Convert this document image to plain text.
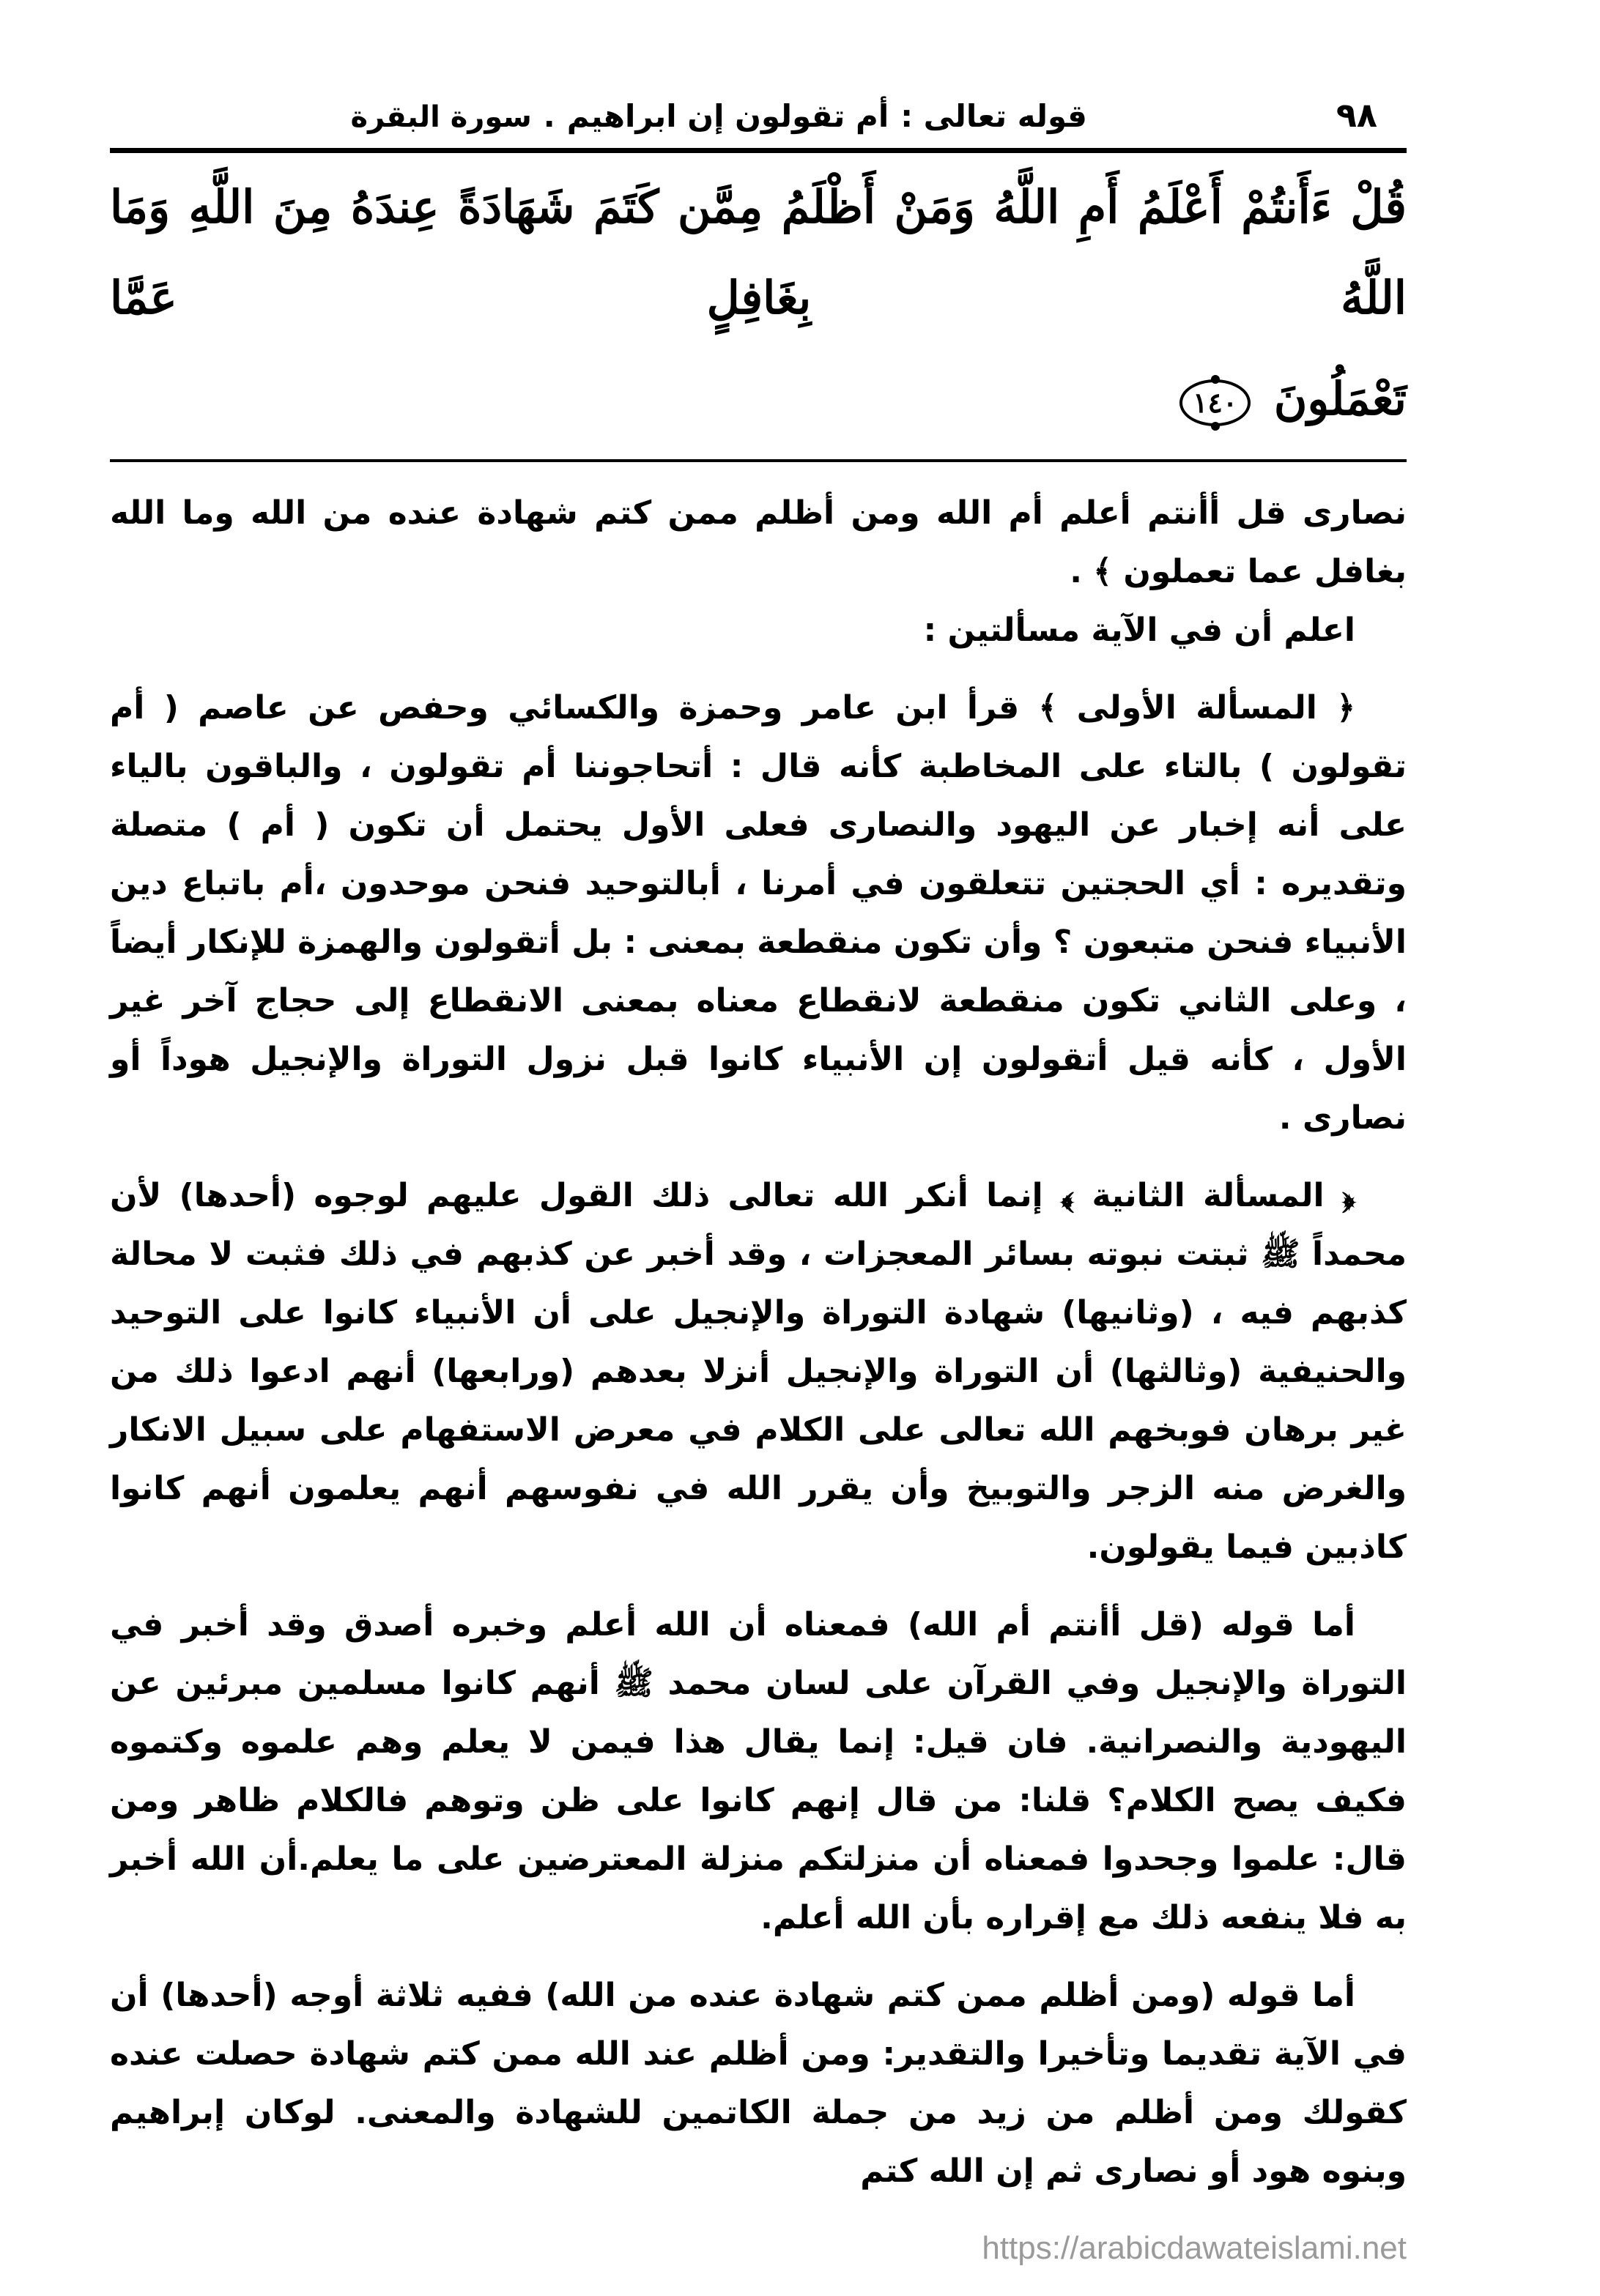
٩٨
قوله تعالى :
أم تقولون إن ابراهيم
.
سورة البقرة
قُلْ ءَأَنتُمْ أَعْلَمُ أَمِ اللَّهُ وَمَنْ أَظْلَمُ مِمَّن كَتَمَ شَهَادَةً عِندَهُ مِنَ اللَّهِ وَمَا اللَّهُ بِغَافِلٍ عَمَّا
تَعْمَلُونَ ١٤٠

نصارى قل أأنتم أعلم أم الله ومن أظلم ممن كتم شهادة عنده من الله وما الله بغافل عما تعملون ﴾ .

اعلم أن في الآية مسألتين :

﴿ المسألة الأولى ﴾ قرأ ابن عامر وحمزة والكسائي وحفص عن عاصم ( أم تقولون ) بالتاء على المخاطبة كأنه قال : أتحاجوننا أم تقولون ، والباقون بالياء على أنه إخبار عن اليهود والنصارى فعلى الأول يحتمل أن تكون ( أم ) متصلة وتقديره : أي الحجتين تتعلقون في أمرنا ، أبالتوحيد فنحن موحدون ،أم باتباع دين الأنبياء فنحن متبعون ؟ وأن تكون منقطعة بمعنى : بل أتقولون والهمزة للإنكار أيضاً ، وعلى الثاني تكون منقطعة لانقطاع معناه بمعنى الانقطاع إلى حجاج آخر غير الأول ، كأنه قيل أتقولون إن الأنبياء كانوا قبل نزول التوراة والإنجيل هوداً أو نصارى .

﴿ المسألة الثانية ﴾ إنما أنكر الله تعالى ذلك القول عليهم لوجوه (أحدها) لأن محمداً ﷺ ثبتت نبوته بسائر المعجزات ، وقد أخبر عن كذبهم في ذلك فثبت لا محالة كذبهم فيه ، (وثانيها) شهادة التوراة والإنجيل على أن الأنبياء كانوا على التوحيد والحنيفية (وثالثها) أن التوراة والإنجيل أنزلا بعدهم (ورابعها) أنهم ادعوا ذلك من غير برهان فوبخهم الله تعالى على الكلام في معرض الاستفهام على سبيل الانكار والغرض منه الزجر والتوبيخ وأن يقرر الله في نفوسهم أنهم يعلمون أنهم كانوا كاذبين فيما يقولون.

أما قوله (قل أأنتم أم الله) فمعناه أن الله أعلم وخبره أصدق وقد أخبر في التوراة والإنجيل وفي القرآن على لسان محمد ﷺ أنهم كانوا مسلمين مبرئين عن اليهودية والنصرانية. فان قيل: إنما يقال هذا فيمن لا يعلم وهم علموه وكتموه فكيف يصح الكلام؟ قلنا: من قال إنهم كانوا على ظن وتوهم فالكلام ظاهر ومن قال: علموا وجحدوا فمعناه أن منزلتكم منزلة المعترضين على ما يعلم.أن الله أخبر به فلا ينفعه ذلك مع إقراره بأن الله أعلم.

أما قوله (ومن أظلم ممن كتم شهادة عنده من الله) ففيه ثلاثة أوجه (أحدها) أن في الآية تقديما وتأخيرا والتقدير: ومن أظلم عند الله ممن كتم شهادة حصلت عنده كقولك ومن أظلم من زيد من جملة الكاتمين للشهادة والمعنى. لوكان إبراهيم وبنوه هود أو نصارى ثم إن الله كتم

https://arabicdawateislami.net
